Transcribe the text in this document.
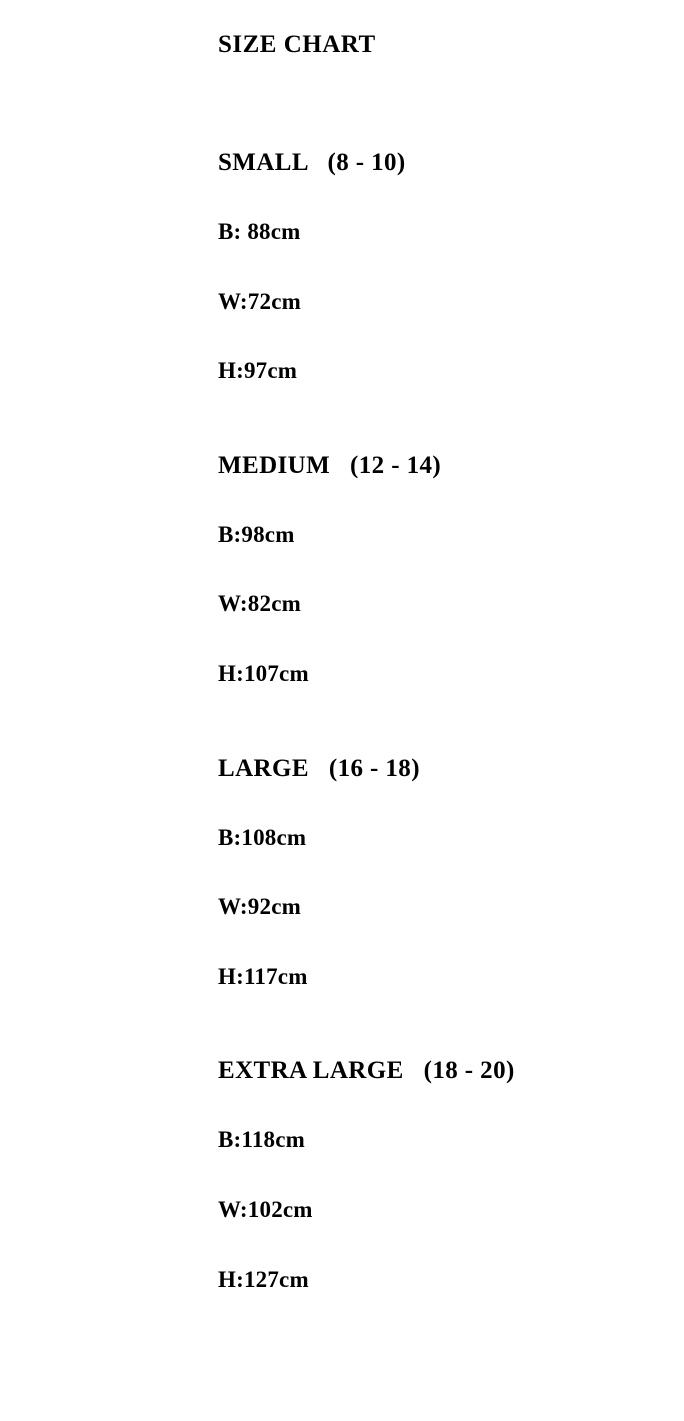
SIZE CHART
SMALL   (8 - 10)
B: 88cm
W:72cm
H:97cm
MEDIUM   (12 - 14)
B:98cm
W:82cm
H:107cm
LARGE   (16 - 18)
B:108cm
W:92cm
H:117cm
EXTRA LARGE   (18 - 20)
B:118cm
W:102cm
H:127cm
